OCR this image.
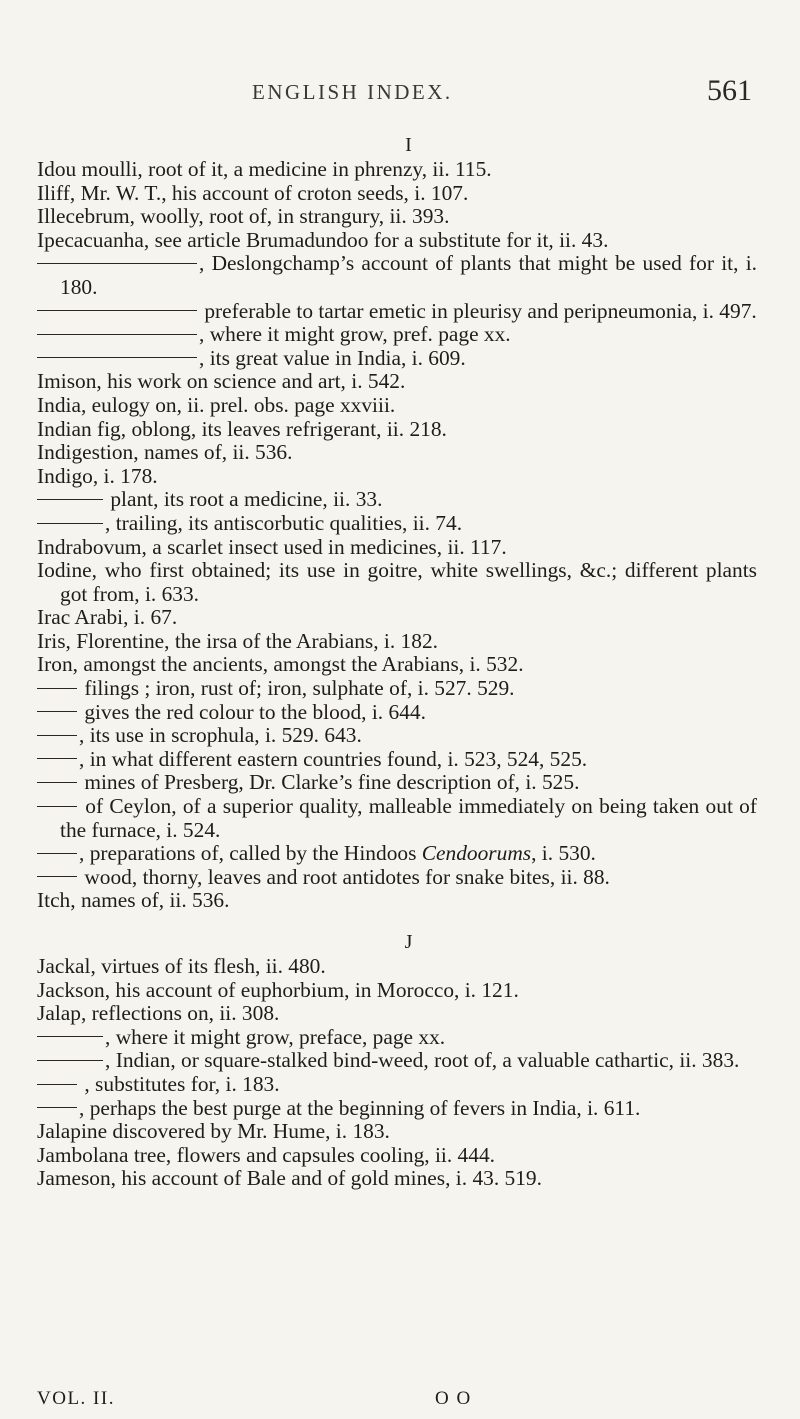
ENGLISH INDEX.	561
I

Idou moulli, root of it, a medicine in phrenzy, ii. 115.

Iliff, Mr. W. T., his account of croton seeds, i. 107.

Illecebrum, woolly, root of, in strangury, ii. 393.

Ipecacuanha, see article Brumadundoo for a substitute for it, ii. 43.

, Deslongchamp’s account of plants that might be used for it, i. 180.

preferable to tartar emetic in pleurisy and peripneumonia, i. 497.

, where it might grow, pref. page xx.

, its great value in India, i. 609.

Imison, his work on science and art, i. 542.

India, eulogy on, ii. prel. obs. page xxviii.

Indian fig, oblong, its leaves refrigerant, ii. 218.

Indigestion, names of, ii. 536.

Indigo, i. 178.

plant, its root a medicine, ii. 33.

, trailing, its antiscorbutic qualities, ii. 74.

Indrabovum, a scarlet insect used in medicines, ii. 117.

Iodine, who first obtained; its use in goitre, white swellings, &c.; different plants got from, i. 633.

Irac Arabi, i. 67.

Iris, Florentine, the irsa of the Arabians, i. 182.

Iron, amongst the ancients, amongst the Arabians, i. 532.

filings ; iron, rust of; iron, sulphate of, i. 527. 529.

gives the red colour to the blood, i. 644.

, its use in scrophula, i. 529. 643.

, in what different eastern countries found, i. 523, 524, 525.

mines of Presberg, Dr. Clarke’s fine description of, i. 525.

of Ceylon, of a superior quality, malleable immediately on being taken out of the furnace, i. 524.

, preparations of, called by the Hindoos Cendoorums, i. 530.

wood, thorny, leaves and root antidotes for snake bites, ii. 88.

Itch, names of, ii. 536.

J

Jackal, virtues of its flesh, ii. 480.

Jackson, his account of euphorbium, in Morocco, i. 121.

Jalap, reflections on, ii. 308.

, where it might grow, preface, page xx.

, Indian, or square-stalked bind-weed, root of, a valuable cathartic, ii. 383.

, substitutes for, i. 183.

, perhaps the best purge at the beginning of fevers in India, i. 611.

Jalapine discovered by Mr. Hume, i. 183.

Jambolana tree, flowers and capsules cooling, ii. 444.

Jameson, his account of Bale and of gold mines, i. 43. 519.

VOL. II.	O O
